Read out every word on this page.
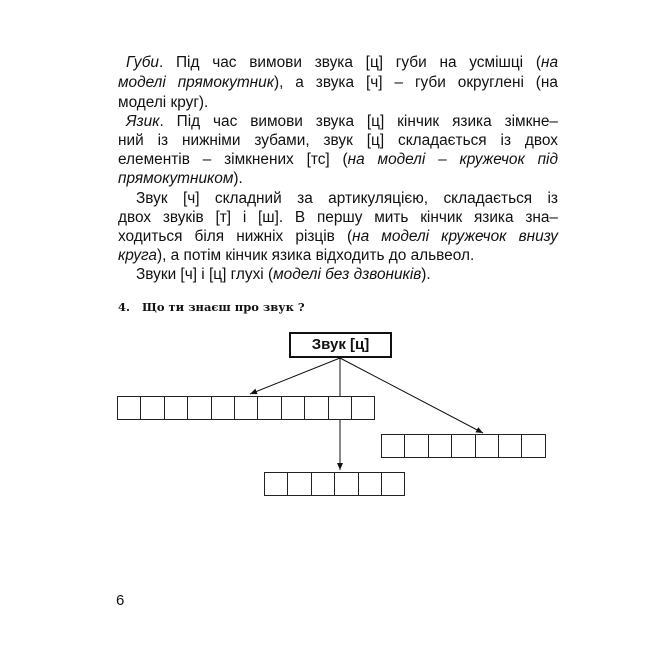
Губи. Під час вимови звука [ц] губи на усмішці (на
моделі прямокутник), а звука [ч] – губи округлені (на
моделі круг).
Язик. Під час вимови звука [ц] кінчик язика зімкне–
ний із нижніми зубами, звук [ц] складається із двох
елементів – зімкнених [тс] (на моделі – кружечок під
прямокутником).
Звук [ч] складний за артикуляцією, складається із
двох звуків [т] і [ш]. В першу мить кінчик язика зна–
ходиться біля нижніх різців (на моделі кружечок внизу
круга), а потім кінчик язика відходить до альвеол.
Звуки [ч] і [ц] глухі (моделі без дзвоників).
4.   Що ти знаєш про звук ?
Звук [ц]
6
